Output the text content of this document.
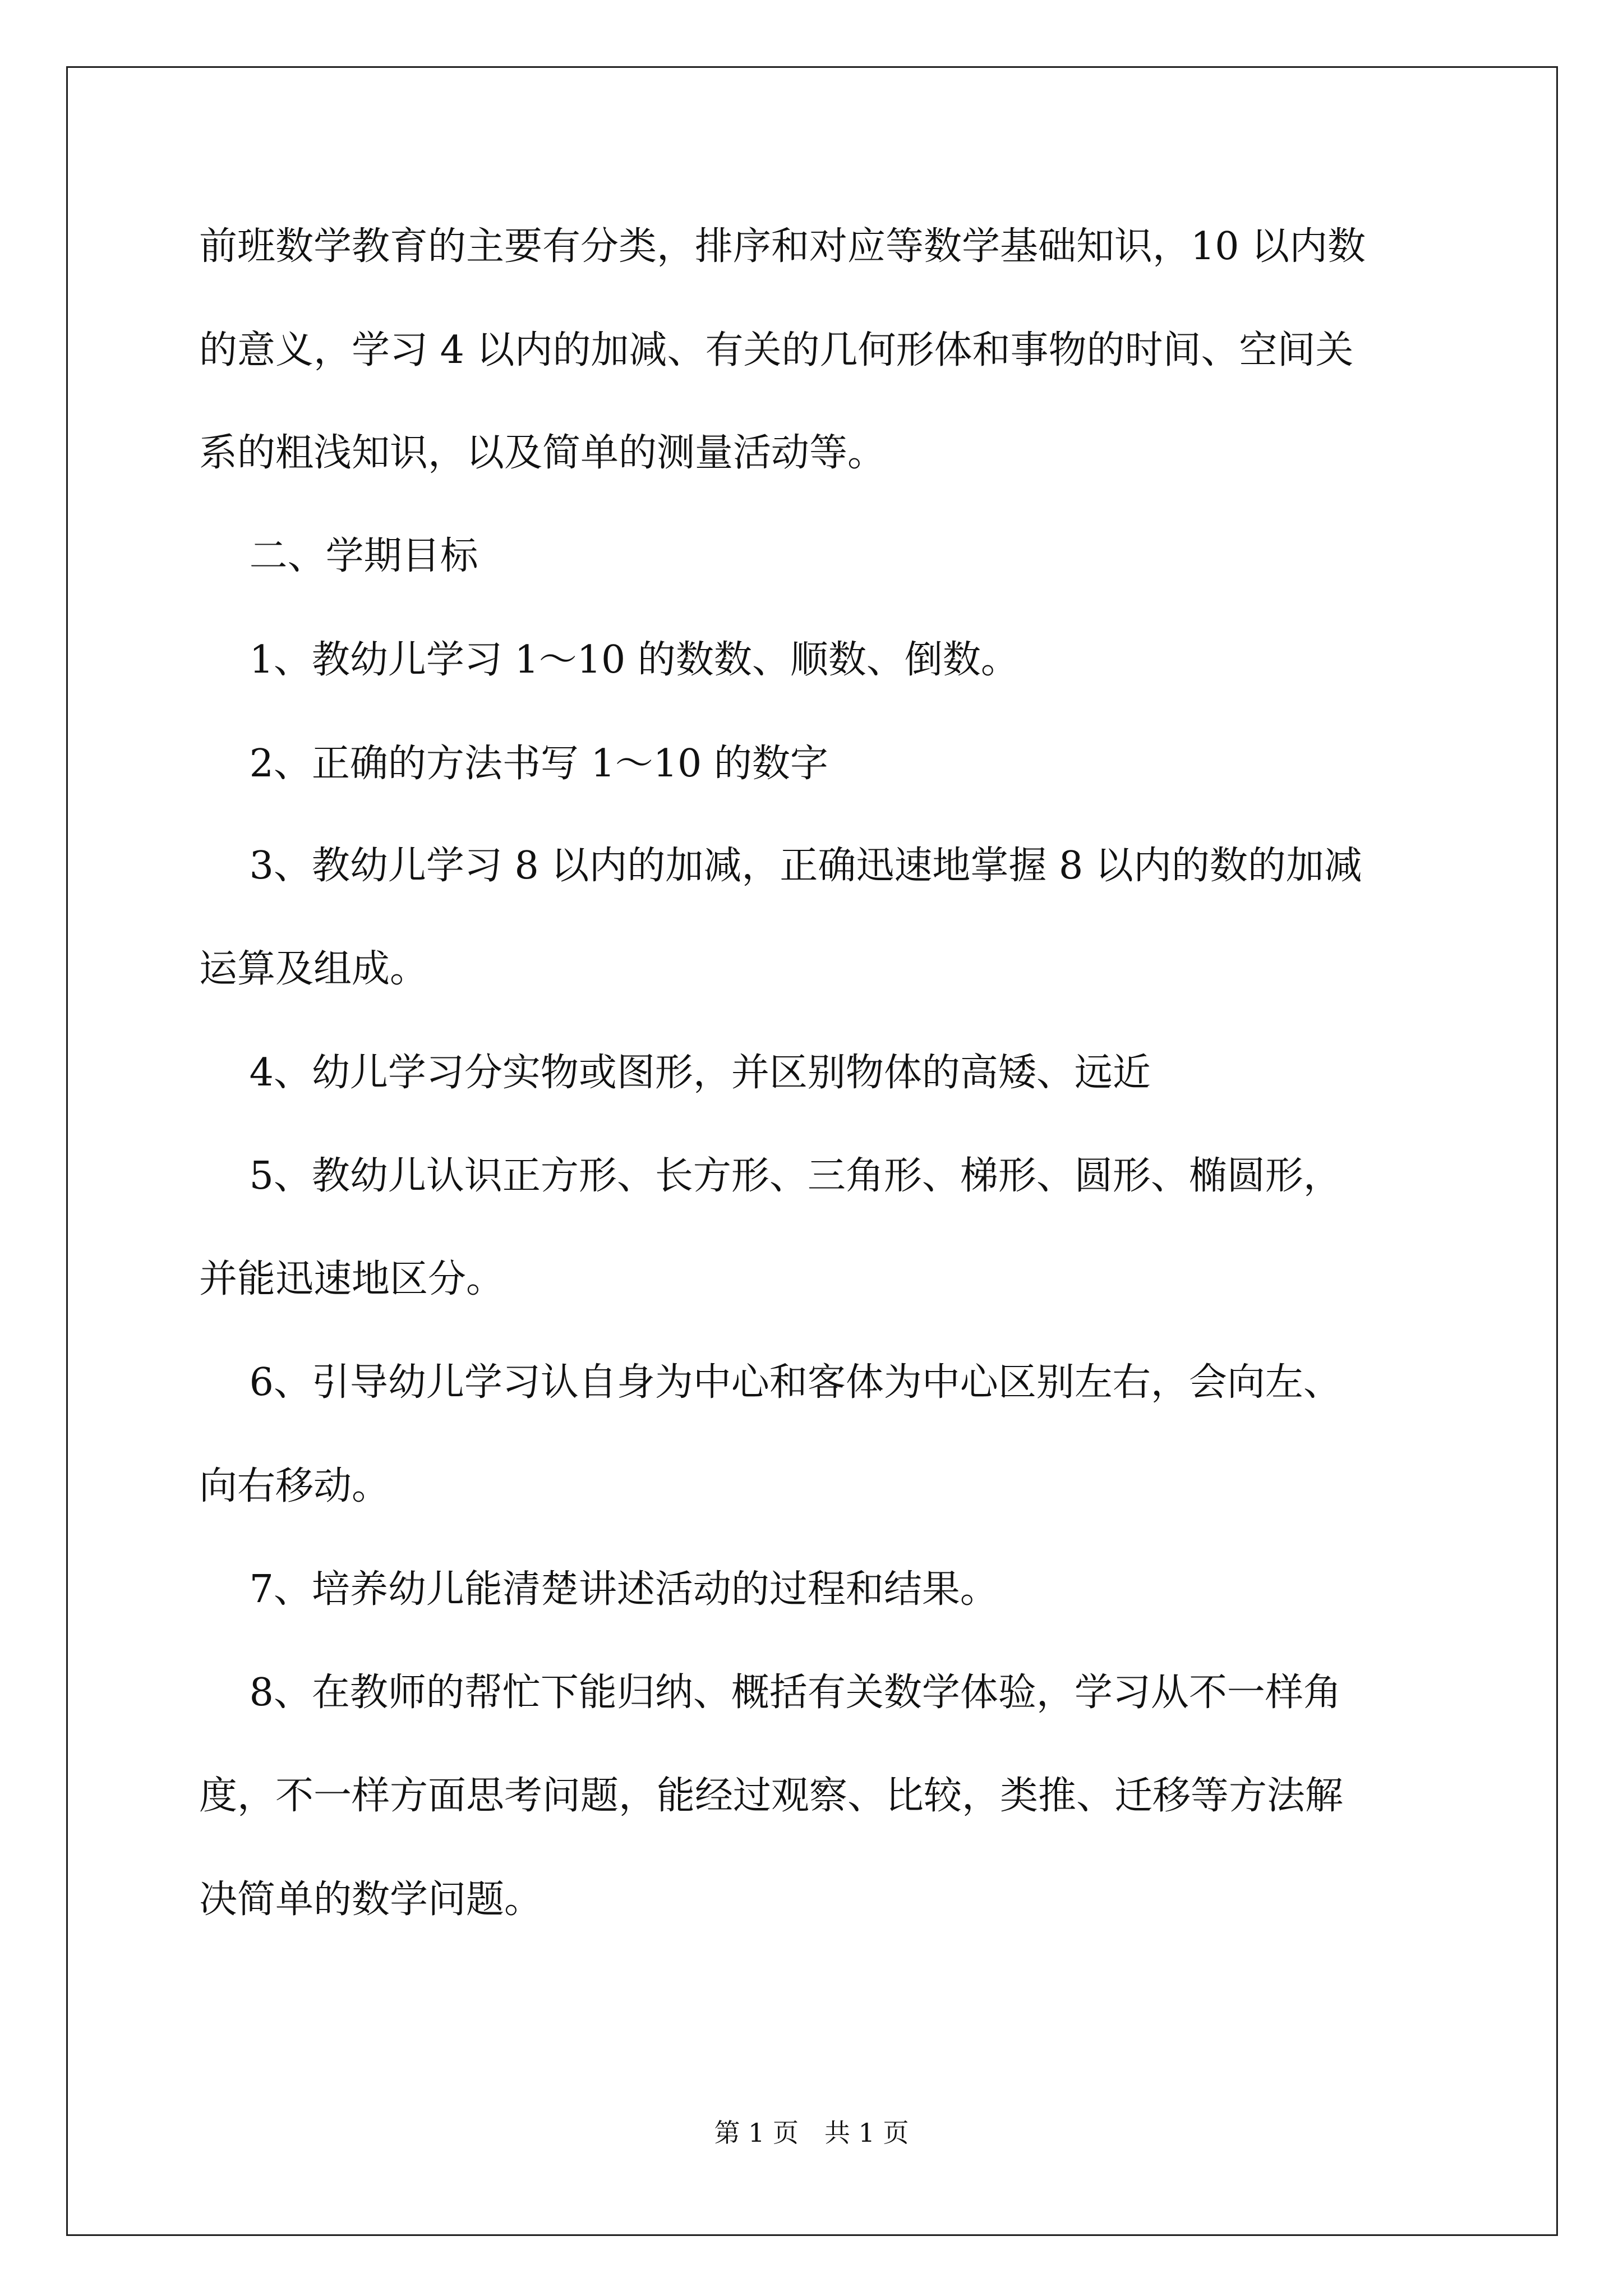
前班数学教育的主要有分类，排序和对应等数学基础知识，10 以内数
的意义，学习 4 以内的加减、有关的几何形体和事物的时间、空间关
系的粗浅知识，以及简单的测量活动等。
　 二、学期目标
　 1、教幼儿学习 1～10 的数数、顺数、倒数。
　 2、正确的方法书写 1～10 的数字
　 3、教幼儿学习 8 以内的加减，正确迅速地掌握 8 以内的数的加减
运算及组成。
　 4、幼儿学习分实物或图形，并区别物体的高矮、远近
　 5、教幼儿认识正方形、长方形、三角形、梯形、圆形、椭圆形，
并能迅速地区分。
　 6、引导幼儿学习认自身为中心和客体为中心区别左右，会向左、
向右移动。
　 7、培养幼儿能清楚讲述活动的过程和结果。
　 8、在教师的帮忙下能归纳、概括有关数学体验，学习从不一样角
度，不一样方面思考问题，能经过观察、比较，类推、迁移等方法解
决简单的数学问题。
第 1 页　共 1 页
